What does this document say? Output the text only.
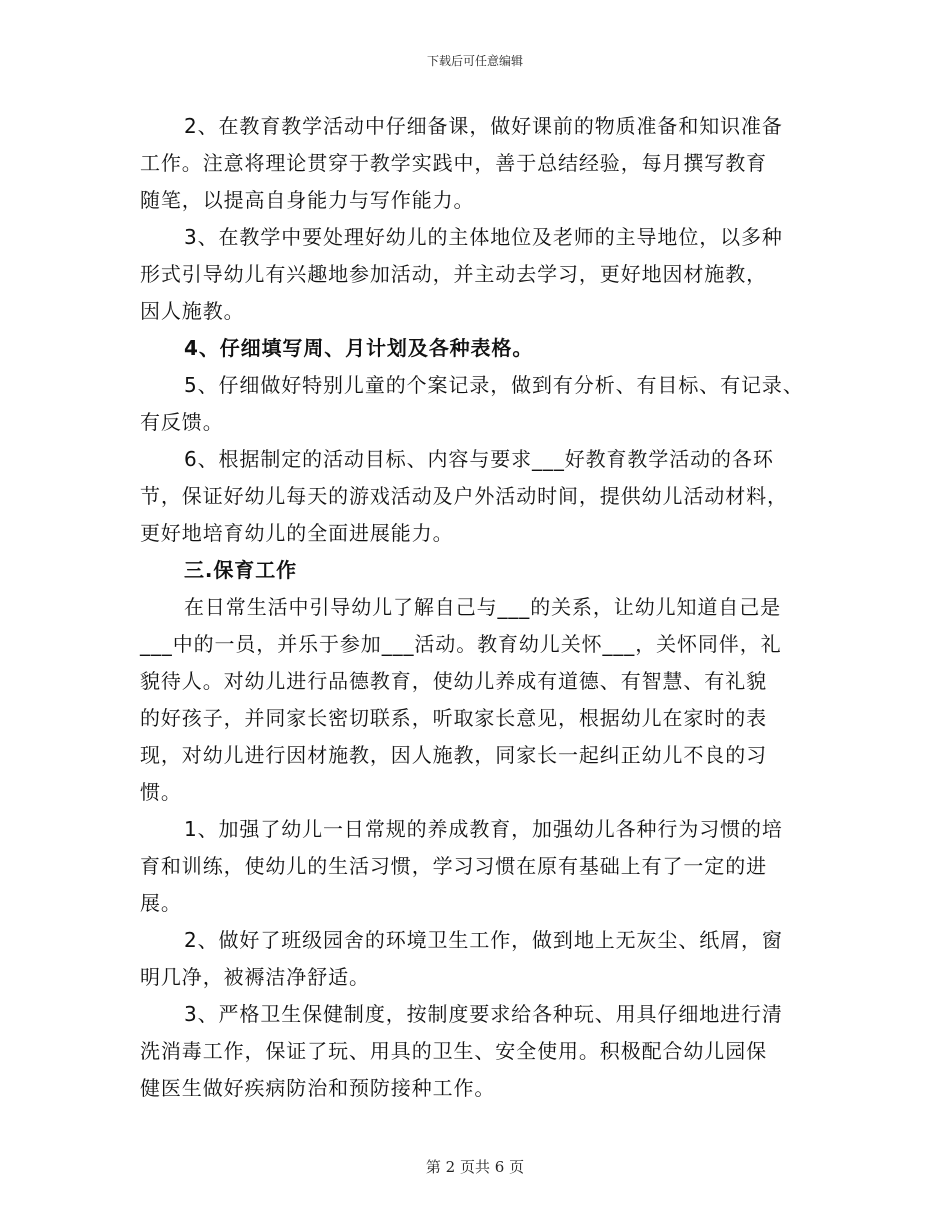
下载后可任意编辑
2、在教育教学活动中仔细备课，做好课前的物质准备和知识准备
工作。注意将理论贯穿于教学实践中，善于总结经验，每月撰写教育
随笔，以提高自身能力与写作能力。
3、在教学中要处理好幼儿的主体地位及老师的主导地位，以多种
形式引导幼儿有兴趣地参加活动，并主动去学习，更好地因材施教，
因人施教。
4、仔细填写周、月计划及各种表格。
5、仔细做好特别儿童的个案记录，做到有分析、有目标、有记录、
有反馈。
6、根据制定的活动目标、内容与要求___好教育教学活动的各环
节，保证好幼儿每天的游戏活动及户外活动时间，提供幼儿活动材料，
更好地培育幼儿的全面进展能力。
三.保育工作
在日常生活中引导幼儿了解自己与___的关系，让幼儿知道自己是
___中的一员，并乐于参加___活动。教育幼儿关怀___，关怀同伴，礼
貌待人。对幼儿进行品德教育，使幼儿养成有道德、有智慧、有礼貌
的好孩子，并同家长密切联系，听取家长意见，根据幼儿在家时的表
现，对幼儿进行因材施教，因人施教，同家长一起纠正幼儿不良的习
惯。
1、加强了幼儿一日常规的养成教育，加强幼儿各种行为习惯的培
育和训练，使幼儿的生活习惯，学习习惯在原有基础上有了一定的进
展。
2、做好了班级园舍的环境卫生工作，做到地上无灰尘、纸屑，窗
明几净，被褥洁净舒适。
3、严格卫生保健制度，按制度要求给各种玩、用具仔细地进行清
洗消毒工作，保证了玩、用具的卫生、安全使用。积极配合幼儿园保
健医生做好疾病防治和预防接种工作。
第 2 页共 6 页
